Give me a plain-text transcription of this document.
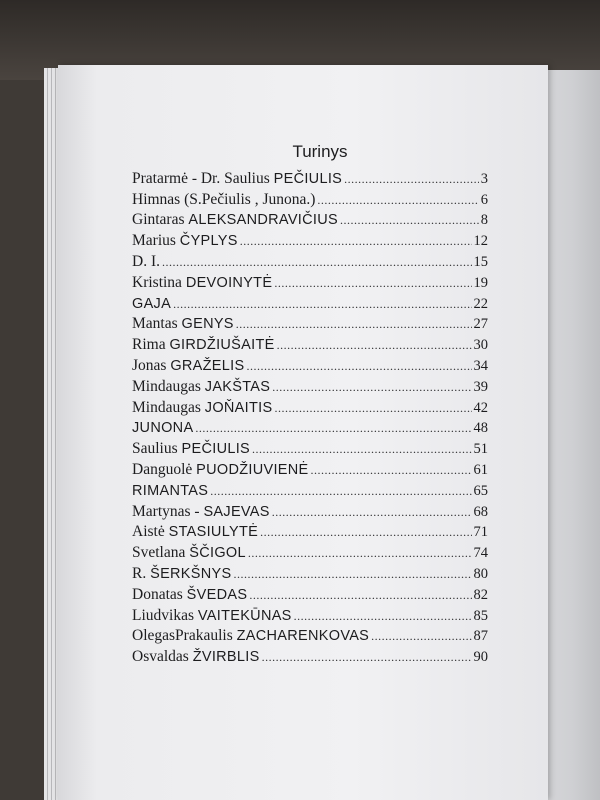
Turinys
Pratarmė - Dr. Saulius PEČIULIS .....	3
Himnas (S.Pečiulis , Junona.) .....	6
Gintaras ALEKSANDRAVIČIUS .....	8
Marius ČYPLYS .....	12
D. I. .....	15
Kristina DEVOINYTĖ .....	19
GAJA .....	22
Mantas GENYS .....	27
Rima GIRDŽIUŠAITĖ .....	30
Jonas GRAŽELIS .....	34
Mindaugas JAKŠTAS .....	39
Mindaugas JOŇAITIS .....	42
JUNONA .....	48
Saulius PEČIULIS .....	51
Danguolė PUODŽIUVIENĖ .....	61
RIMANTAS .....	65
Martynas - SAJEVAS .....	68
Aistė STASIULYTĖ .....	71
Svetlana ŠČIGOL .....	74
R. ŠERKŠNYS .....	80
Donatas ŠVEDAS .....	82
Liudvikas VAITEKŪNAS .....	85
OlegasPrakaulis ZACHARENKOVAS .....	87
Osvaldas ŽVIRBLIS .....	90
